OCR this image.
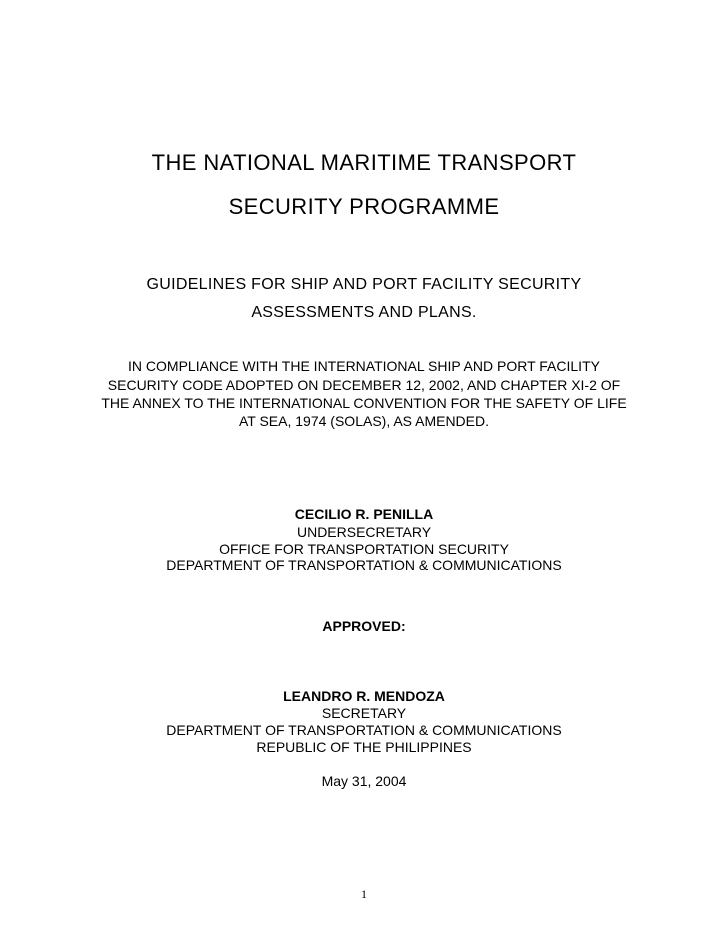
THE NATIONAL MARITIME TRANSPORT

SECURITY PROGRAMME

GUIDELINES FOR SHIP AND PORT FACILITY SECURITY

ASSESSMENTS AND PLANS.

IN COMPLIANCE WITH THE INTERNATIONAL SHIP AND PORT FACILITY

SECURITY CODE ADOPTED ON DECEMBER 12, 2002, AND CHAPTER XI-2 OF

THE ANNEX TO THE INTERNATIONAL CONVENTION FOR THE SAFETY OF LIFE

AT SEA, 1974 (SOLAS), AS AMENDED.

CECILIO R. PENILLA

UNDERSECRETARY

OFFICE FOR TRANSPORTATION SECURITY

DEPARTMENT OF TRANSPORTATION & COMMUNICATIONS

APPROVED:

LEANDRO R. MENDOZA

SECRETARY

DEPARTMENT OF TRANSPORTATION & COMMUNICATIONS

REPUBLIC OF THE PHILIPPINES

May 31, 2004

1
